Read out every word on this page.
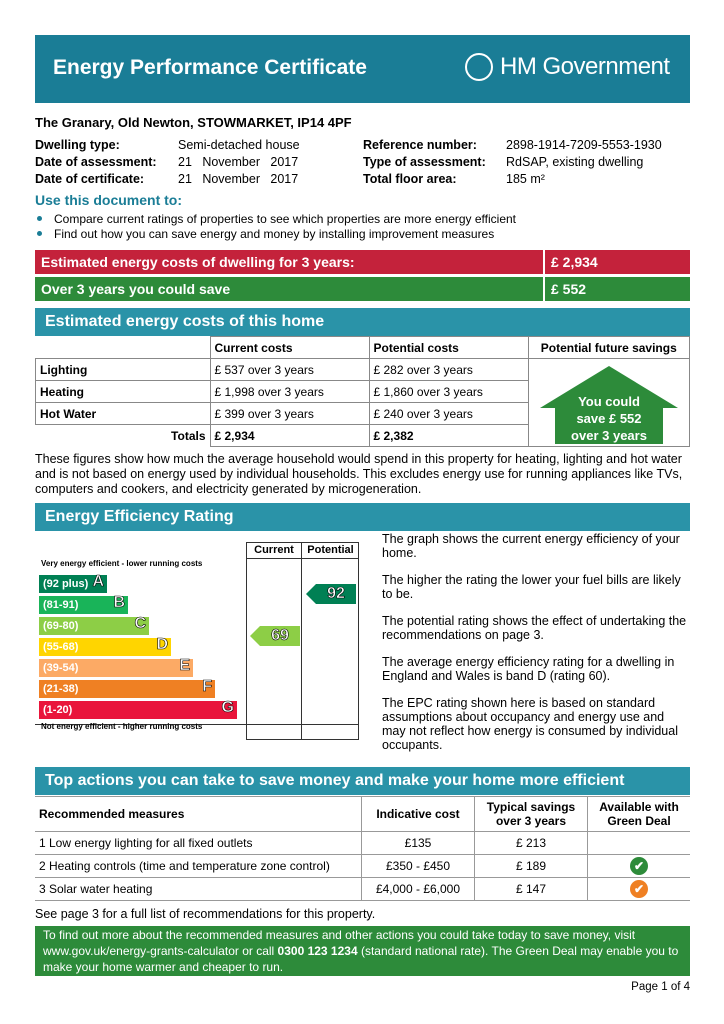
Energy Performance Certificate	HM Government
The Granary, Old Newton, STOWMARKET, IP14 4PF
Dwelling type:	Semi-detached house
Date of assessment: 21   November   2017
Date of certificate:	21   November   2017
Reference number: 2898-1914-7209-5553-1930
Type of assessment: RdSAP, existing dwelling
Total floor area:	185 m²
Use this document to:
Compare current ratings of properties to see which properties are more energy efficient
Find out how you can save energy and money by installing improvement measures
Estimated energy costs of dwelling for 3 years:	£ 2,934
Over 3 years you could save	£ 552
Estimated energy costs of this home
	Current costs	Potential costs	Potential future savings
Lighting	£ 537 over 3 years	£ 282 over 3 years	
Heating	£ 1,998 over 3 years	£ 1,860 over 3 years	
Hot Water	£ 399 over 3 years	£ 240 over 3 years	
Totals	£ 2,934	£ 2,382	
You could
save £ 552
over 3 years
These figures show how much the average household would spend in this property for heating, lighting and hot water and is not based on energy used by individual households. This excludes energy use for running appliances like TVs, computers and cookers, and electricity generated by microgeneration.
Energy Efficiency Rating
Current	Potential
Very energy efficient - lower running costs
Not energy efficient - higher running costs
(92 plus) A
(81-91) B
(69-80)	C
(55-68)	D
(39-54)	E
(21-38)	F
(1-20)	G
69
92
The graph shows the current energy efficiency of your home.
The higher the rating the lower your fuel bills are likely to be.
The potential rating shows the effect of undertaking the recommendations on page 3.
The average energy efficiency rating for a dwelling in England and Wales is band D (rating 60).
The EPC rating shown here is based on standard assumptions about occupancy and energy use and may not reflect how energy is consumed by individual occupants.
Top actions you can take to save money and make your home more efficient
Recommended measures	Indicative cost	Typical savings over 3 years	Available with Green Deal
1 Low energy lighting for all fixed outlets	£135	£ 213	
2 Heating controls (time and temperature zone control)	£350 - £450	£ 189	✔
3 Solar water heating	£4,000 - £6,000	£ 147	✔
See page 3 for a full list of recommendations for this property.
To find out more about the recommended measures and other actions you could take today to save money, visit
www.gov.uk/energy-grants-calculator or call 0300 123 1234 (standard national rate). The Green Deal may enable you to
make your home warmer and cheaper to run.
Page 1 of 4
